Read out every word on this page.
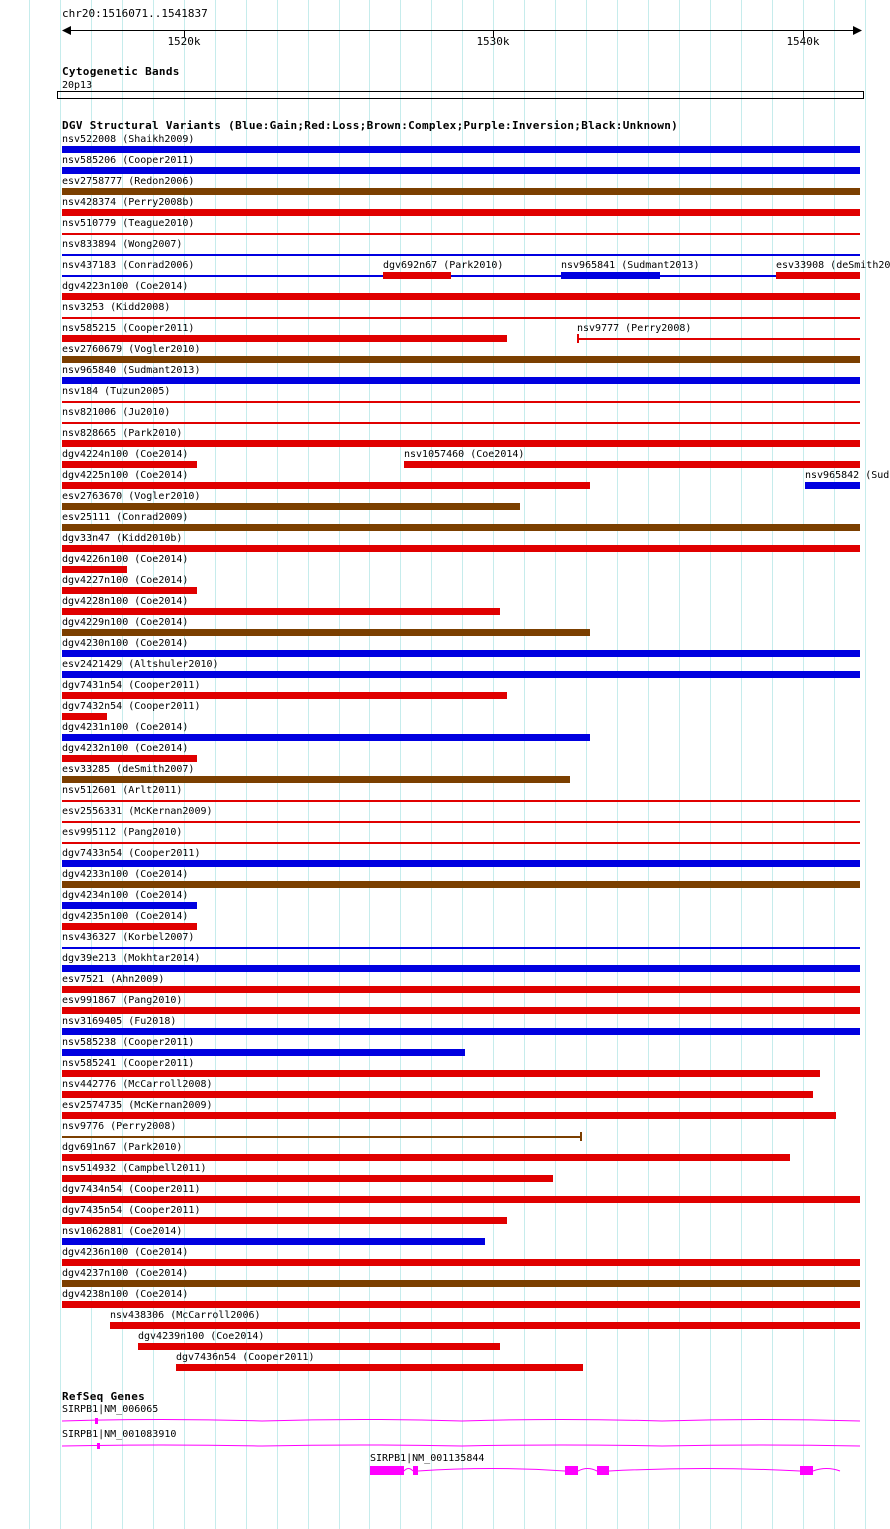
chr20:1516071..1541837
Cytogenetic Bands
20p13
DGV Structural Variants (Blue:Gain;Red:Loss;Brown:Complex;Purple:Inversion;Black:Unknown)
RefSeq Genes
1520k	1530k	1540k
nsv522008 (Shaikh2009)
nsv585206 (Cooper2011)
esv2758777 (Redon2006)
nsv428374 (Perry2008b)
nsv510779 (Teague2010)
nsv833894 (Wong2007)
nsv437183 (Conrad2006)	dgv692n67 (Park2010)	nsv965841 (Sudmant2013)	esv33908 (deSmith20
dgv4223n100 (Coe2014)
nsv3253 (Kidd2008)
nsv585215 (Cooper2011)	nsv9777 (Perry2008)
esv2760679 (Vogler2010)
nsv965840 (Sudmant2013)
nsv184 (Tuzun2005)
nsv821006 (Ju2010)
nsv828665 (Park2010)
dgv4224n100 (Coe2014)	nsv1057460 (Coe2014)
dgv4225n100 (Coe2014)	nsv965842 (Sud
esv2763670 (Vogler2010)
esv25111 (Conrad2009)
dgv33n47 (Kidd2010b)
dgv4226n100 (Coe2014)
dgv4227n100 (Coe2014)
dgv4228n100 (Coe2014)
dgv4229n100 (Coe2014)
dgv4230n100 (Coe2014)
esv2421429 (Altshuler2010)
dgv7431n54 (Cooper2011)
dgv7432n54 (Cooper2011)
dgv4231n100 (Coe2014)
dgv4232n100 (Coe2014)
esv33285 (deSmith2007)
nsv512601 (Arlt2011)
esv2556331 (McKernan2009)
esv995112 (Pang2010)
dgv7433n54 (Cooper2011)
dgv4233n100 (Coe2014)
dgv4234n100 (Coe2014)
dgv4235n100 (Coe2014)
nsv436327 (Korbel2007)
dgv39e213 (Mokhtar2014)
esv7521 (Ahn2009)
esv991867 (Pang2010)
nsv3169405 (Fu2018)
nsv585238 (Cooper2011)
nsv585241 (Cooper2011)
nsv442776 (McCarroll2008)
esv2574735 (McKernan2009)
nsv9776 (Perry2008)
dgv691n67 (Park2010)
nsv514932 (Campbell2011)
dgv7434n54 (Cooper2011)
dgv7435n54 (Cooper2011)
nsv1062881 (Coe2014)
dgv4236n100 (Coe2014)
dgv4237n100 (Coe2014)
dgv4238n100 (Coe2014)
nsv438306 (McCarroll2006)
dgv4239n100 (Coe2014)
dgv7436n54 (Cooper2011)
SIRPB1|NM_006065
SIRPB1|NM_001083910
SIRPB1|NM_001135844
